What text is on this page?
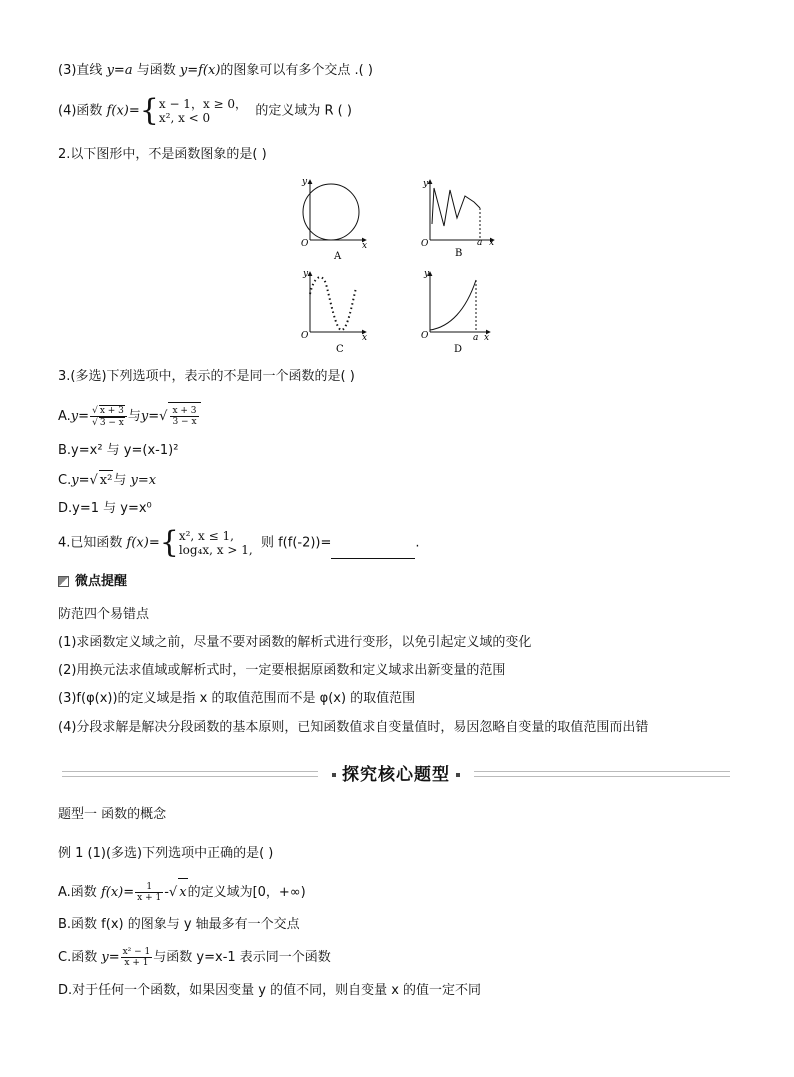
(3)直线 y=a 与函数 y=f(x)的图象可以有多个交点 .( )
(4)函数 f(x)={ x − 1，x ≥ 0，
x², x < 0	的定义域为 R ( )
2.以下图形中，不是函数图象的是( )
O
y
x
A
O
y
a x
B
O
y
x
C
O
y
a x
D
3.(多选)下列选项中，表示的不是同一个函数的是( )
$A.y= \frac{√ x + 3}{√ 3 - x}$ 与$y=√ \frac{x + 3}{3 - x}$
B.y=x² 与 y=(x-1)²
C.y=√ x²与 y=x
D.y=1 与 y=x⁰
4.已知函数 f(x)={ x², x ≤ 1,
log₄x, x > 1, 则 f(f(-2))=	.
微点提醒
防范四个易错点
(1)求函数定义域之前，尽量不要对函数的解析式进行变形，以免引起定义域的变化
(2)用换元法求值域或解析式时，一定要根据原函数和定义域求出新变量的范围
(3)f(φ(x))的定义域是指 x 的取值范围而不是 φ(x) 的取值范围
(4)分段求解是解决分段函数的基本原则，已知函数值求自变量值时，易因忽略自变量的取值范围而出错
探究核心题型
题型一 函数的概念
例 1 (1)(多选)下列选项中正确的是( )
A.函数 $f(x)= \frac{1}{x + 1}$ -√ x的定义域为[0，+∞)
B.函数 f(x) 的图象与 y 轴最多有一个交点
C.函数 $y= \frac{\text{x² − 1}}{x + 1}$ 与函数 y=x-1 表示同一个函数
D.对于任何一个函数，如果因变量 y 的值不同，则自变量 x 的值一定不同
